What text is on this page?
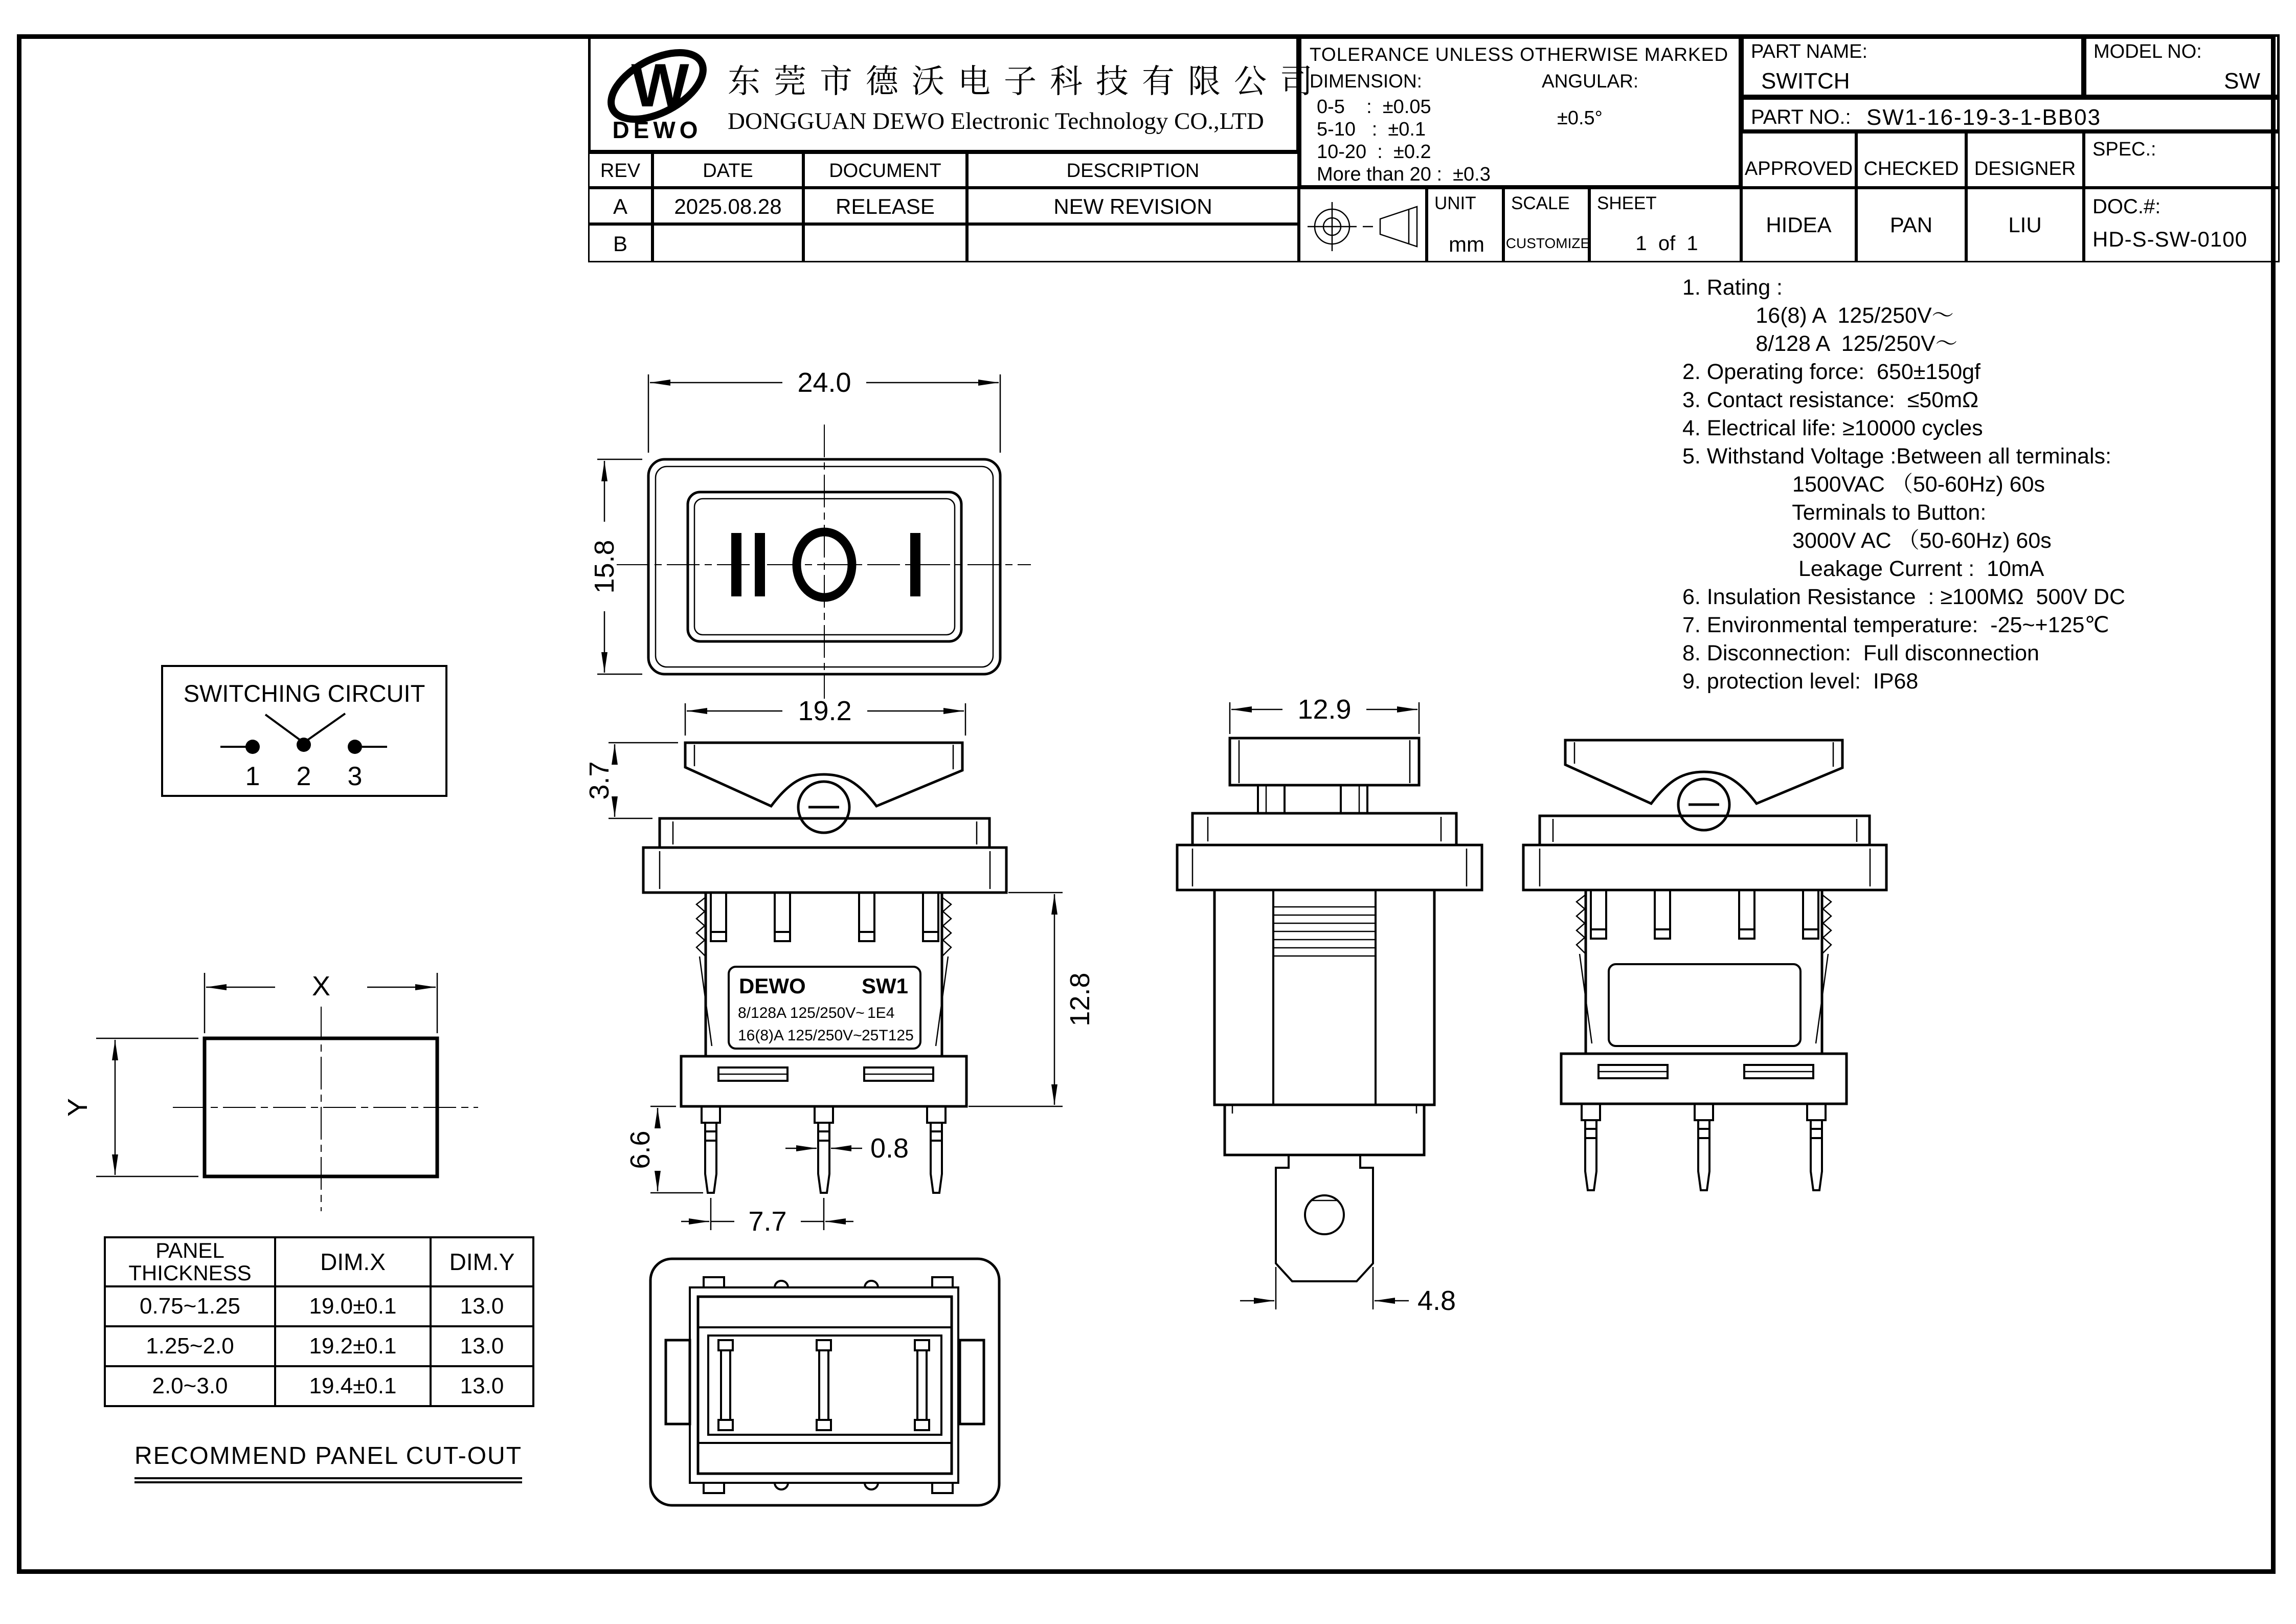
W
DEWO
东莞市德沃电子科技有限公司
DONGGUAN DEWO Electronic Technology CO.,LTD
REV	DATE	DOCUMENT	DESCRIPTION
A	2025.08.28	RELEASE	NEW REVISION
B
TOLERANCE UNLESS OTHERWISE MARKED
DIMENSION:	ANGULAR:
0-5    :  ±0.05
±0.5°
5-10   :  ±0.1
10-20  :  ±0.2
More than 20 :  ±0.3
UNIT
mm
SCALE
CUSTOMIZE
SHEET
1  of  1
PART NAME:
SWITCH
MODEL NO:
SW
PART NO.: SW1-16-19-3-1-BB03
APPROVED CHECKED DESIGNER
SPEC.:
HIDEA	PAN	LIU
DOC.#:
HD-S-SW-0100
1. Rating :
16(8) A  125/250V～
8/128 A  125/250V～
2. Operating force:  650±150gf
3. Contact resistance:  ≤50mΩ
4. Electrical life: ≥10000 cycles
5. Withstand Voltage :Between all terminals:
1500VAC （50-60Hz) 60s
Terminals to Button:
3000V AC （50-60Hz) 60s
Leakage Current :  10mA
6. Insulation Resistance  : ≥100MΩ  500V DC
7. Environmental temperature:  -25~+125℃
8. Disconnection:  Full disconnection
9. protection level:  IP68
24.0
15.8
SWITCHING CIRCUIT
1 2 3
19.2
3.7
DEWO	SW1
8/128A 125/250V~ 1E4
16(8)A 125/250V~ 25T125
6.6	0.8
7.7
12.8
12.9
4.8
X
Y
PANEL THICKNESS	DIM.X	DIM.Y
0.75~1.25	19.0±0.1	13.0
1.25~2.0	19.2±0.1	13.0
2.0~3.0	19.4±0.1	13.0
RECOMMEND PANEL CUT-OUT
